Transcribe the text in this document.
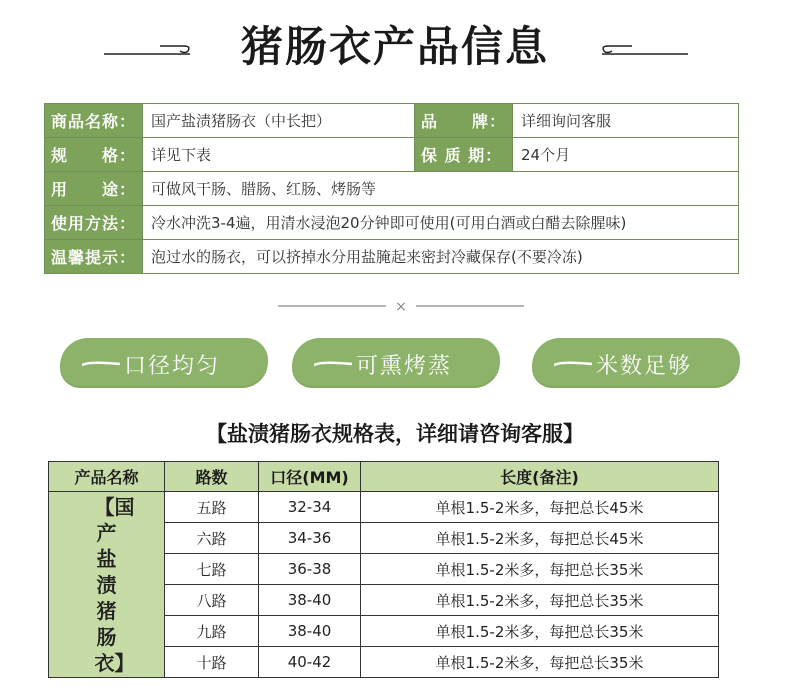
猪肠衣产品信息
商品名称：	国产盐渍猪肠衣（中长把）	品　　牌：	详细询问客服
规　　格：	详见下表	保 质 期：	24个月
用　　途：	可做风干肠、腊肠、红肠、烤肠等		
使用方法：	冷水冲洗3-4遍，用清水浸泡20分钟即可使用(可用白酒或白醋去除腥味)		
温馨提示：	泡过水的肠衣，可以挤掉水分用盐腌起来密封冷藏保存(不要冷冻)		
×
口径均匀	可熏烤蒸	米数足够
【盐渍猪肠衣规格表，详细请咨询客服】
产品名称	路数	口径(MM)	长度(备注)
【国产盐渍猪肠衣】	五路	32-34	单根1.5-2米多，每把总长45米
	六路	34-36	单根1.5-2米多，每把总长45米
	七路	36-38	单根1.5-2米多，每把总长35米
	八路	38-40	单根1.5-2米多，每把总长35米
	九路	38-40	单根1.5-2米多，每把总长35米
	十路	40-42	单根1.5-2米多，每把总长35米
